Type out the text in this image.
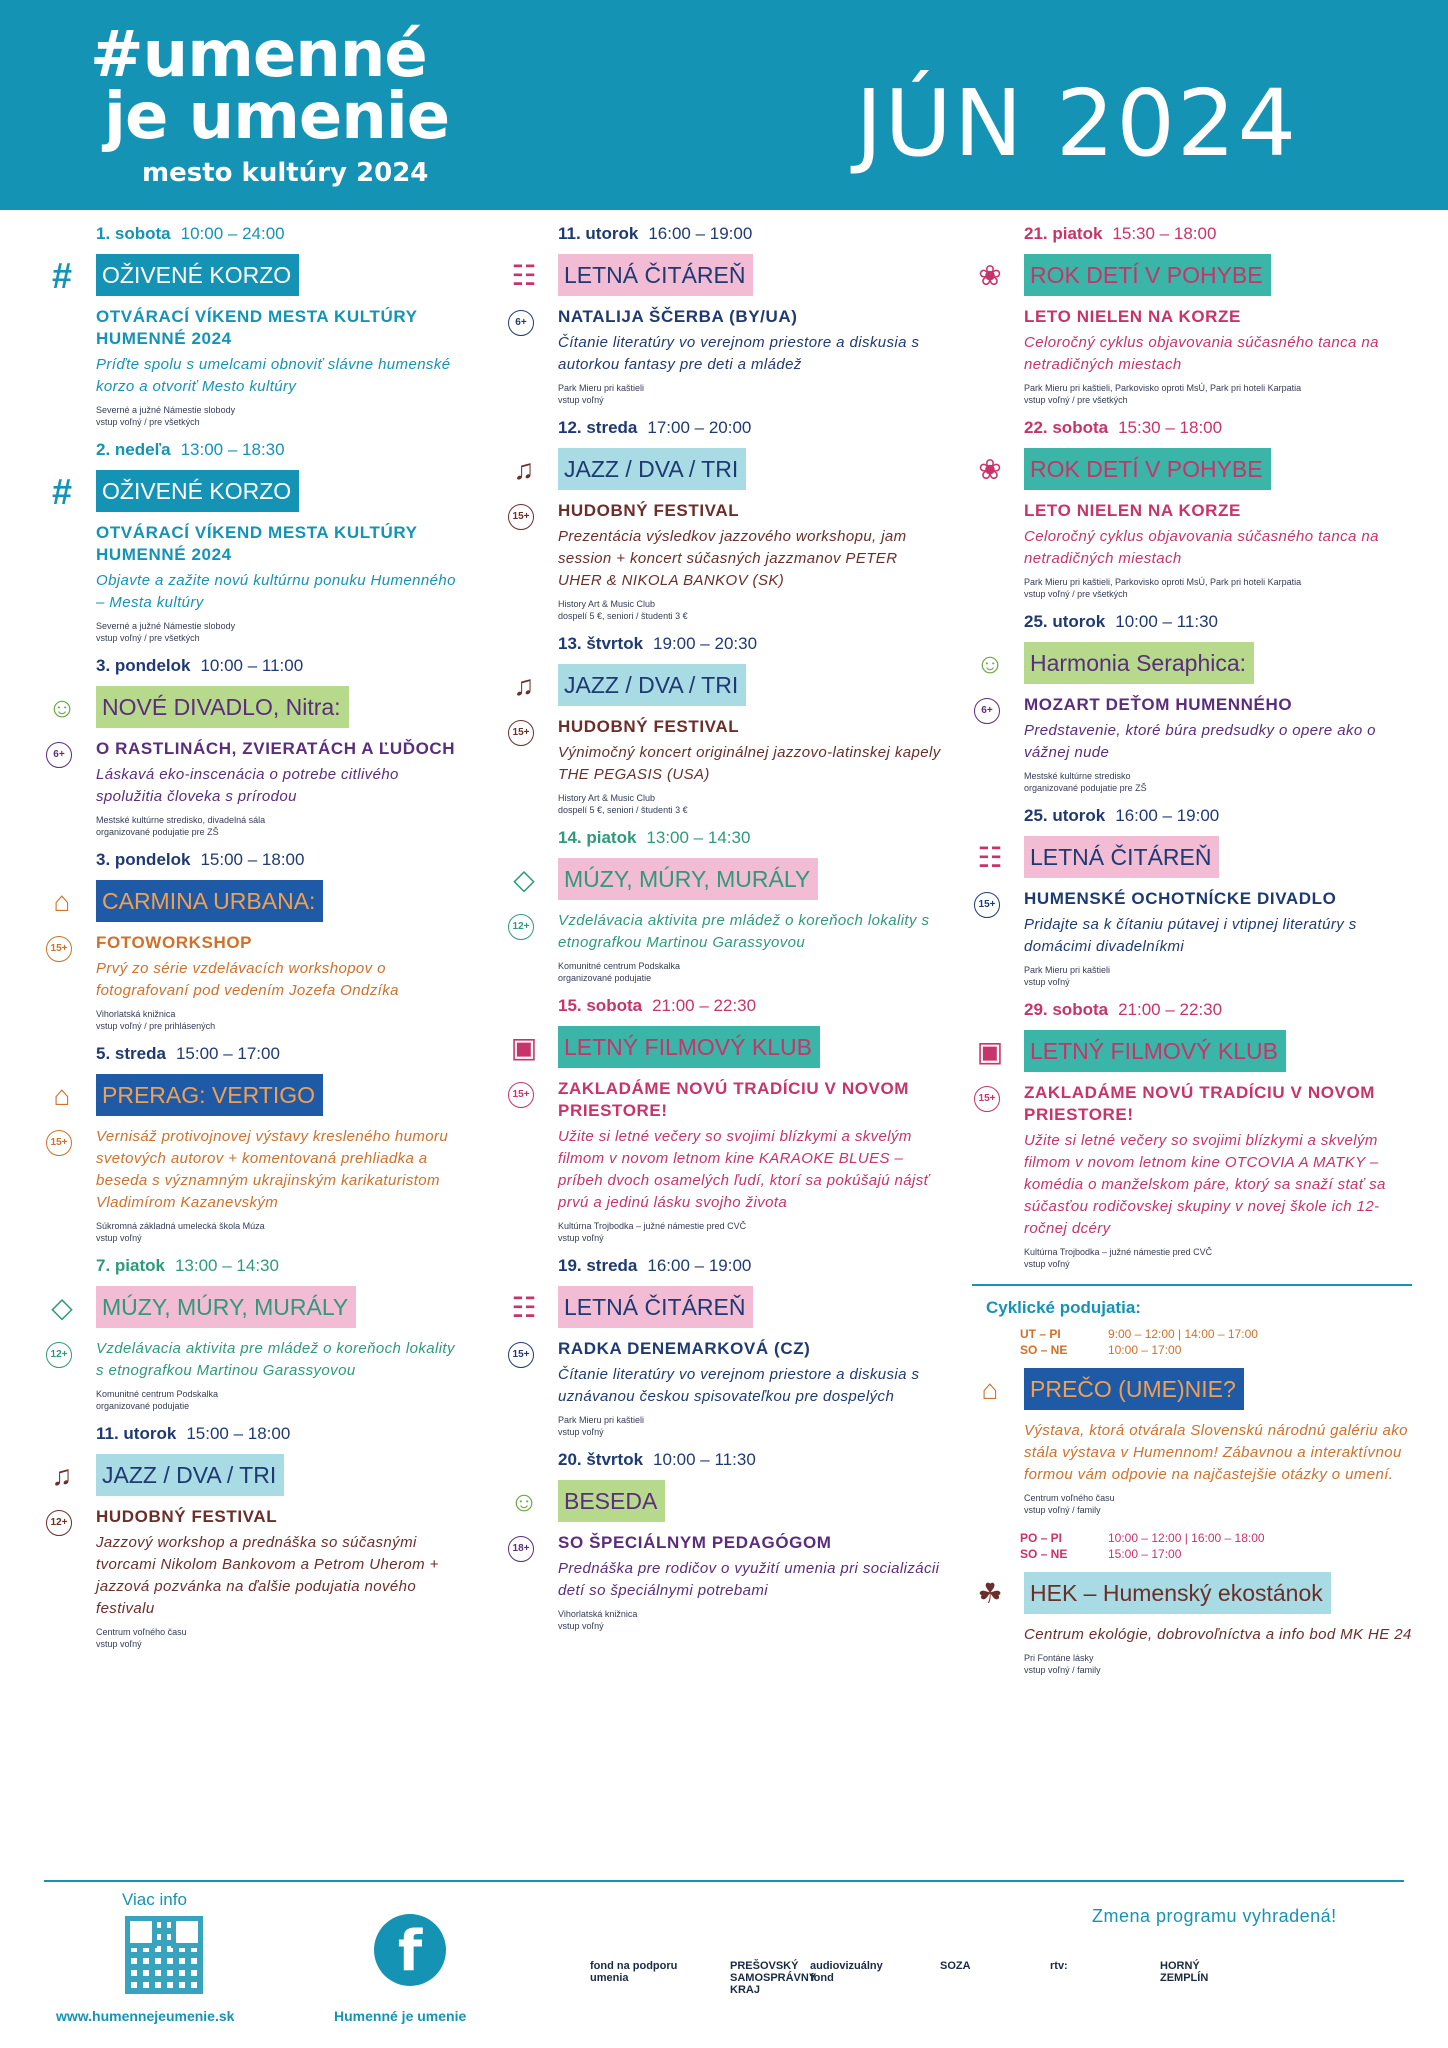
#umenné
je umenie
mesto kultúry 2024	JÚN 2024
1. sobota 10:00 – 24:00
#	OŽIVENÉ KORZO
OTVÁRACÍ VÍKEND MESTA KULTÚRY HUMENNÉ 2024
Príďte spolu s umelcami obnoviť slávne humenské korzo a otvoriť Mesto kultúry
Severné a južné Námestie slobody
vstup voľný / pre všetkých
2. nedeľa 13:00 – 18:30
#	OŽIVENÉ KORZO
OTVÁRACÍ VÍKEND MESTA KULTÚRY HUMENNÉ 2024
Objavte a zažite novú kultúrnu ponuku Humenného – Mesta kultúry
Severné a južné Námestie slobody
vstup voľný / pre všetkých
3. pondelok 10:00 – 11:00
☺ NOVÉ DIVADLO, Nitra:
6+	O RASTLINÁCH, ZVIERATÁCH A ĽUĎOCH
Láskavá eko-inscenácia o potrebe citlivého spolužitia človeka s prírodou
Mestské kultúrne stredisko, divadelná sála
organizované podujatie pre ZŠ
3. pondelok 15:00 – 18:00
⌂	CARMINA URBANA:
15+ FOTOWORKSHOP
Prvý zo série vzdelávacích workshopov o fotografovaní pod vedením Jozefa Ondzíka
Vihorlatská knižnica
vstup voľný / pre prihlásených
5. streda 15:00 – 17:00
⌂	PRERAG: VERTIGO
15+	Vernisáž protivojnovej výstavy kresleného humoru svetových autorov + komentovaná prehliadka a beseda s významným ukrajinským karikaturistom Vladimírom Kazanevským
Súkromná základná umelecká škola Múza
vstup voľný
7. piatok 13:00 – 14:30
◇	MÚZY, MÚRY, MURÁLY
12+	Vzdelávacia aktivita pre mládež o koreňoch lokality s etnografkou Martinou Garassyovou
Komunitné centrum Podskalka
organizované podujatie
11. utorok 15:00 – 18:00
♫	JAZZ / DVA / TRI
12+ HUDOBNÝ FESTIVAL
Jazzový workshop a prednáška so súčasnými tvorcami Nikolom Bankovom a Petrom Uherom + jazzová pozvánka na ďalšie podujatia nového festivalu
Centrum voľného času
vstup voľný
11. utorok 16:00 – 19:00
☷ LETNÁ ČITÁREŇ
6+	NATALIJA ŠČERBA (BY/UA)
Čítanie literatúry vo verejnom priestore a diskusia s autorkou fantasy pre deti a mládež
Park Mieru pri kaštieli
vstup voľný
12. streda 17:00 – 20:00
♫	JAZZ / DVA / TRI
15+ HUDOBNÝ FESTIVAL
Prezentácia výsledkov jazzového workshopu, jam session + koncert súčasných jazzmanov PETER UHER & NIKOLA BANKOV (SK)
History Art & Music Club
dospelí 5 €, seniori / študenti 3 €
13. štvrtok 19:00 – 20:30
♫	JAZZ / DVA / TRI
15+ HUDOBNÝ FESTIVAL
Výnimočný koncert originálnej jazzovo-latinskej kapely THE PEGASIS (USA)
History Art & Music Club
dospelí 5 €, seniori / študenti 3 €
14. piatok 13:00 – 14:30
◇	MÚZY, MÚRY, MURÁLY
12+	Vzdelávacia aktivita pre mládež o koreňoch lokality s etnografkou Martinou Garassyovou
Komunitné centrum Podskalka
organizované podujatie
15. sobota 21:00 – 22:30
▣ LETNÝ FILMOVÝ KLUB
15+ ZAKLADÁME NOVÚ TRADÍCIU V NOVOM PRIESTORE!
Užite si letné večery so svojimi blízkymi a skvelým filmom v novom letnom kine KARAOKE BLUES – príbeh dvoch osamelých ľudí, ktorí sa pokúšajú nájsť prvú a jedinú lásku svojho života
Kultúrna Trojbodka – južné námestie pred CVČ
vstup voľný
19. streda 16:00 – 19:00
☷ LETNÁ ČITÁREŇ
15+ RADKA DENEMARKOVÁ (CZ)
Čítanie literatúry vo verejnom priestore a diskusia s uznávanou českou spisovateľkou pre dospelých
Park Mieru pri kaštieli
vstup voľný
20. štvrtok 10:00 – 11:30
☺ BESEDA
18+ SO ŠPECIÁLNYM PEDAGÓGOM
Prednáška pre rodičov o využití umenia pri socializácii detí so špeciálnymi potrebami
Vihorlatská knižnica
vstup voľný
21. piatok 15:30 – 18:00
❀ ROK DETÍ V POHYBE
LETO NIELEN NA KORZE
Celoročný cyklus objavovania súčasného tanca na netradičných miestach
Park Mieru pri kaštieli, Parkovisko oproti MsÚ, Park pri hoteli Karpatia
vstup voľný / pre všetkých
22. sobota 15:30 – 18:00
❀ ROK DETÍ V POHYBE
LETO NIELEN NA KORZE
Celoročný cyklus objavovania súčasného tanca na netradičných miestach
Park Mieru pri kaštieli, Parkovisko oproti MsÚ, Park pri hoteli Karpatia
vstup voľný / pre všetkých
25. utorok 10:00 – 11:30
☺ Harmonia Seraphica:
6+	MOZART DEŤOM HUMENNÉHO
Predstavenie, ktoré búra predsudky o opere ako o vážnej nude
Mestské kultúrne stredisko
organizované podujatie pre ZŠ
25. utorok 16:00 – 19:00
☷ LETNÁ ČITÁREŇ
15+ HUMENSKÉ OCHOTNÍCKE DIVADLO
Pridajte sa k čítaniu pútavej i vtipnej literatúry s domácimi divadelníkmi
Park Mieru pri kaštieli
vstup voľný
29. sobota 21:00 – 22:30
▣ LETNÝ FILMOVÝ KLUB
15+ ZAKLADÁME NOVÚ TRADÍCIU V NOVOM PRIESTORE!
Užite si letné večery so svojimi blízkymi a skvelým filmom v novom letnom kine OTCOVIA A MATKY – komédia o manželskom páre, ktorý sa snaží stať sa súčasťou rodičovskej skupiny v novej škole ich 12-ročnej dcéry
Kultúrna Trojbodka – južné námestie pred CVČ
vstup voľný
Cyklické podujatia:
UT – PI	9:00 – 12:00 | 14:00 – 17:00
SO – NE	10:00 – 17:00
⌂	PREČO (UME)NIE?
Výstava, ktorá otvárala Slovenskú národnú galériu ako stála výstava v Humennom! Zábavnou a interaktívnou formou vám odpovie na najčastejšie otázky o umení.
Centrum voľného času
vstup voľný / family
PO – PI	10:00 – 12:00 | 16:00 – 18:00
SO – NE	15:00 – 17:00
☘ HEK – Humenský ekostánok
Centrum ekológie, dobrovoľníctva a info bod MK HE 24
Pri Fontáne lásky
vstup voľný / family
Viac info
www.humennejeumenie.sk
f
Humenné je umenie
Zmena programu vyhradená!
fond na podporu umenia
PREŠOVSKÝ SAMOSPRÁVNY KRAJ
audiovizuálny fond
SOZA	rtv:	HORNÝ ZEMPLÍN
